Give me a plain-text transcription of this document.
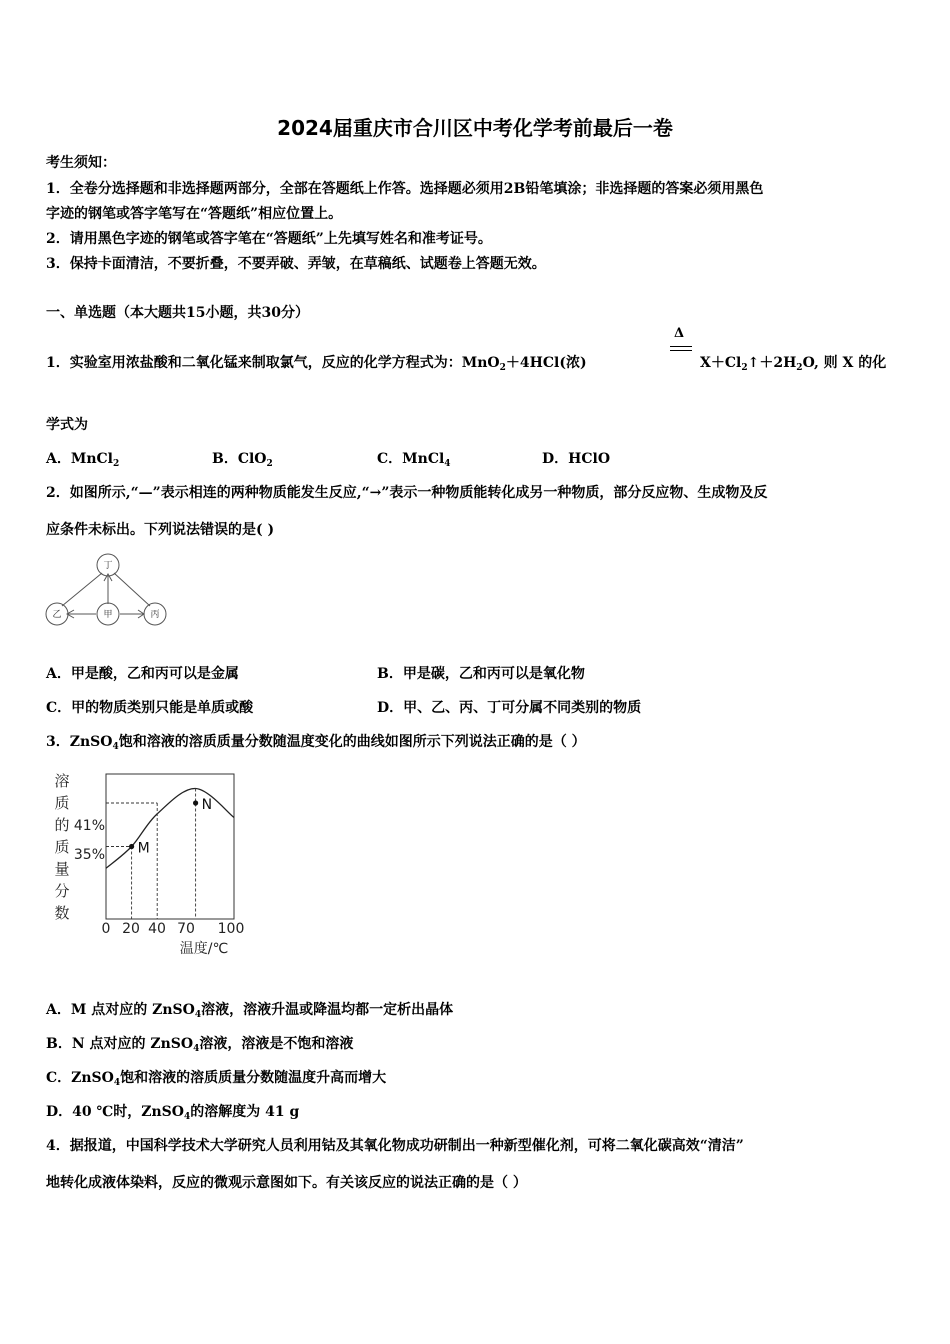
2024届重庆市合川区中考化学考前最后一卷
考生须知：
1．全卷分选择题和非选择题两部分，全部在答题纸上作答。选择题必须用2B铅笔填涂；非选择题的答案必须用黑色
字迹的钢笔或答字笔写在“答题纸”相应位置上。
2．请用黑色字迹的钢笔或答字笔在“答题纸”上先填写姓名和准考证号。
3．保持卡面清洁，不要折叠，不要弄破、弄皱，在草稿纸、试题卷上答题无效。
一、单选题（本大题共15小题，共30分）
1．实验室用浓盐酸和二氧化锰来制取氯气，反应的化学方程式为：MnO$_2$＋4HCl(浓)
Δ
$X+Cl_2↑+2H_2O$, 则 X 的化
学式为
A．MnCl$_2$	B．ClO$_2$	C．MnCl$_4$	D．HClO
2．如图所示,“—”表示相连的两种物质能发生反应,“→”表示一种物质能转化成另一种物质，部分反应物、生成物及反
应条件未标出。下列说法错误的是( )
丁
乙	甲	丙
A．甲是酸，乙和丙可以是金属	B．甲是碳，乙和丙可以是氧化物
C．甲的物质类别只能是单质或酸	D．甲、乙、丙、丁可分属不同类别的物质
3．ZnSO$_4$饱和溶液的溶质质量分数随温度变化的曲线如图所示下列说法正确的是（ ）
溶
质
的
质
量
分
数
M
N
0 20 40 70 100
温度/℃
41%
35%
A．M 点对应的 ZnSO$_4$溶液，溶液升温或降温均都一定析出晶体
B．N 点对应的 ZnSO$_4$溶液，溶液是不饱和溶液
C．ZnSO$_4$饱和溶液的溶质质量分数随温度升高而增大
D．40 ℃时，ZnSO$_4$的溶解度为 41 g
4．据报道，中国科学技术大学研究人员利用钴及其氧化物成功研制出一种新型催化剂，可将二氧化碳高效“清洁”
地转化成液体染料，反应的微观示意图如下。有关该反应的说法正确的是（ ）
